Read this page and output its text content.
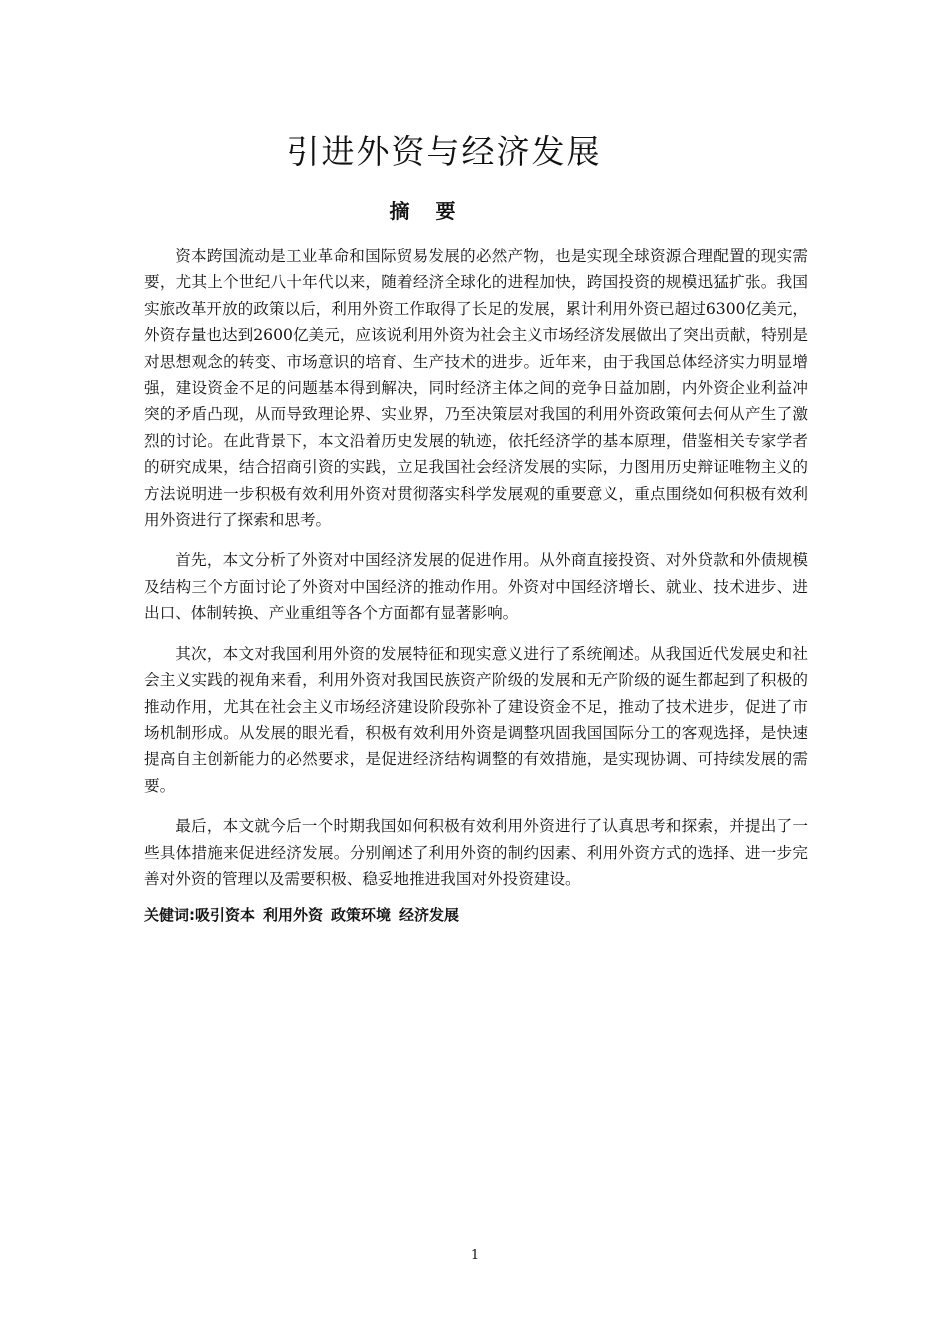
引进外资与经济发展
摘 要

资本跨国流动是工业革命和国际贸易发展的必然产物，也是实现全球资源合理配置的现实需要，尤其上个世纪八十年代以来，随着经济全球化的进程加快，跨国投资的规模迅猛扩张。我国实旅改革开放的政策以后，利用外资工作取得了长足的发展，累计利用外资已超过6300亿美元，外资存量也达到2600亿美元，应该说利用外资为社会主义市场经济发展做出了突出贡献，特别是对思想观念的转变、市场意识的培育、生产技术的进步。近年来，由于我国总体经济实力明显增强，建设资金不足的问题基本得到解决，同时经济主体之间的竞争日益加剧，内外资企业利益冲突的矛盾凸现，从而导致理论界、实业界，乃至决策层对我国的利用外资政策何去何从产生了激烈的讨论。在此背景下，本文沿着历史发展的轨迹，依托经济学的基本原理，借鉴相关专家学者的研究成果，结合招商引资的实践，立足我国社会经济发展的实际，力图用历史辩证唯物主义的方法说明进一步积极有效利用外资对贯彻落实科学发展观的重要意义，重点围绕如何积极有效利用外资进行了探索和思考。

首先，本文分析了外资对中国经济发展的促进作用。从外商直接投资、对外贷款和外债规模及结构三个方面讨论了外资对中国经济的推动作用。外资对中国经济增长、就业、技术进步、进出口、体制转换、产业重组等各个方面都有显著影响。

其次，本文对我国利用外资的发展特征和现实意义进行了系统阐述。从我国近代发展史和社会主义实践的视角来看，利用外资对我国民族资产阶级的发展和无产阶级的诞生都起到了积极的推动作用，尤其在社会主义市场经济建设阶段弥补了建设资金不足，推动了技术进步，促进了市场机制形成。从发展的眼光看，积极有效利用外资是调整巩固我国国际分工的客观选择，是快速提高自主创新能力的必然要求，是促进经济结构调整的有效措施，是实现协调、可持续发展的需要。

最后，本文就今后一个时期我国如何积极有效利用外资进行了认真思考和探索，并提出了一些具体措施来促进经济发展。分别阐述了利用外资的制约因素、利用外资方式的选择、进一步完善对外资的管理以及需要积极、稳妥地推进我国对外投资建设。

关健词:吸引资本 利用外资 政策环境 经济发展

1
